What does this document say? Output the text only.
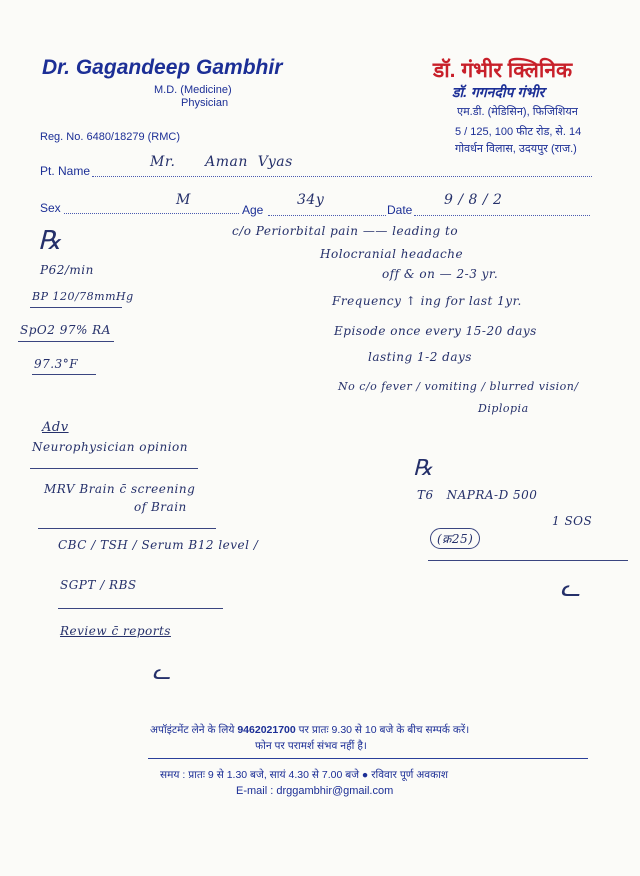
Dr. Gagandeep Gambhir
M.D. (Medicine)
Physician
डॉ. गंभीर क्लिनिक
डॉ. गगनदीप गंभीर
एम.डी. (मेडिसिन), फिजिशियन
5 / 125, 100 फीट रोड, से. 14
गोवर्धन विलास, उदयपुर (राज.)
Reg. No. 6480/18279 (RMC)
Pt. Name
Mr.      Aman  Vyas
Sex	M
Age
34y
Date
9 / 8 / 2
℞
P62/min
BP 120/78mmHg
SpO2 97% RA
97.3°F
c/o Periorbital pain —— leading to
Holocranial headache
off & on — 2-3 yr.
Frequency ↑ ing for last 1yr.
Episode once every 15-20 days
lasting 1-2 days
No c/o fever / vomiting / blurred vision/
Diplopia
Adv
Neurophysician opinion
MRV Brain c̄ screening
of Brain
CBC / TSH / Serum B12 level /
SGPT / RBS
Review c̄ reports
℞
T6   NAPRA-D 500
(क्र25)
1 SOS
ᓚ
ᓚ
अपॉइंटमेंट लेने के लिये 9462021700 पर प्रातः 9.30 से 10 बजे के बीच सम्पर्क करें।
फोन पर परामर्श संभव नहीं है।
समय : प्रातः 9 से 1.30 बजे, सायं 4.30 से 7.00 बजे ● रविवार पूर्ण अवकाश
E-mail : drggambhir@gmail.com
